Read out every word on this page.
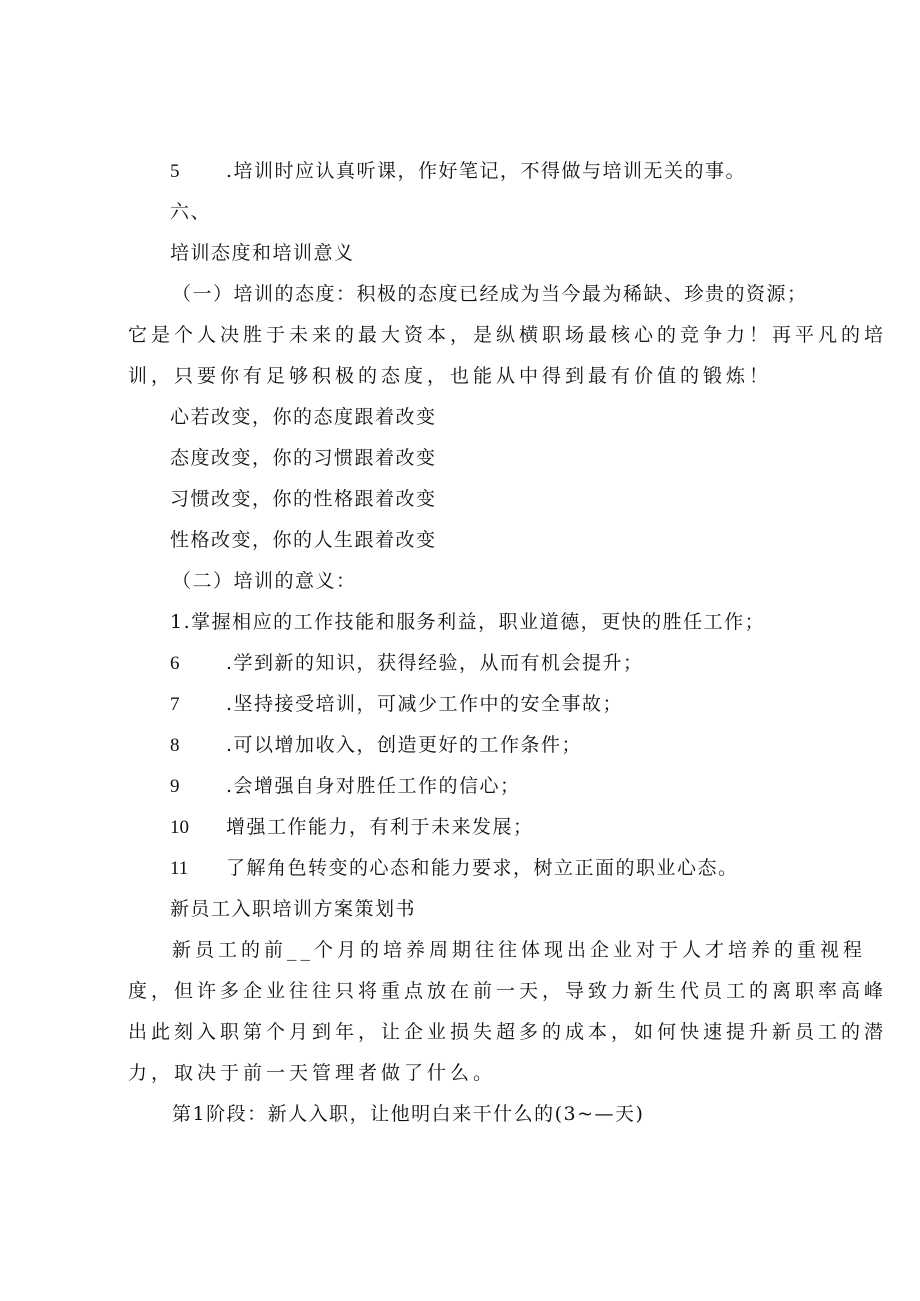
5 .培训时应认真听课，作好笔记，不得做与培训无关的事。
六、
培训态度和培训意义
（一）培训的态度：积极的态度已经成为当今最为稀缺、珍贵的资源；
它是个人决胜于未来的最大资本，是纵横职场最核心的竞争力！再平凡的培
训，只要你有足够积极的态度，也能从中得到最有价值的锻炼！
心若改变，你的态度跟着改变
态度改变，你的习惯跟着改变
习惯改变，你的性格跟着改变
性格改变，你的人生跟着改变
（二）培训的意义：
1.掌握相应的工作技能和服务利益，职业道德，更快的胜任工作；
6 .学到新的知识，获得经验，从而有机会提升；
7 .坚持接受培训，可减少工作中的安全事故；
8 .可以增加收入，创造更好的工作条件；
9 .会增强自身对胜任工作的信心；
10 增强工作能力，有利于未来发展；
11 了解角色转变的心态和能力要求，树立正面的职业心态。
新员工入职培训方案策划书
新员工的前__个月的培养周期往往体现出企业对于人才培养的重视程
度，但许多企业往往只将重点放在前一天，导致力新生代员工的离职率高峰
出此刻入职第个月到年，让企业损失超多的成本，如何快速提升新员工的潜
力，取决于前一天管理者做了什么。
第1阶段：新人入职，让他明白来干什么的(3~—天)
